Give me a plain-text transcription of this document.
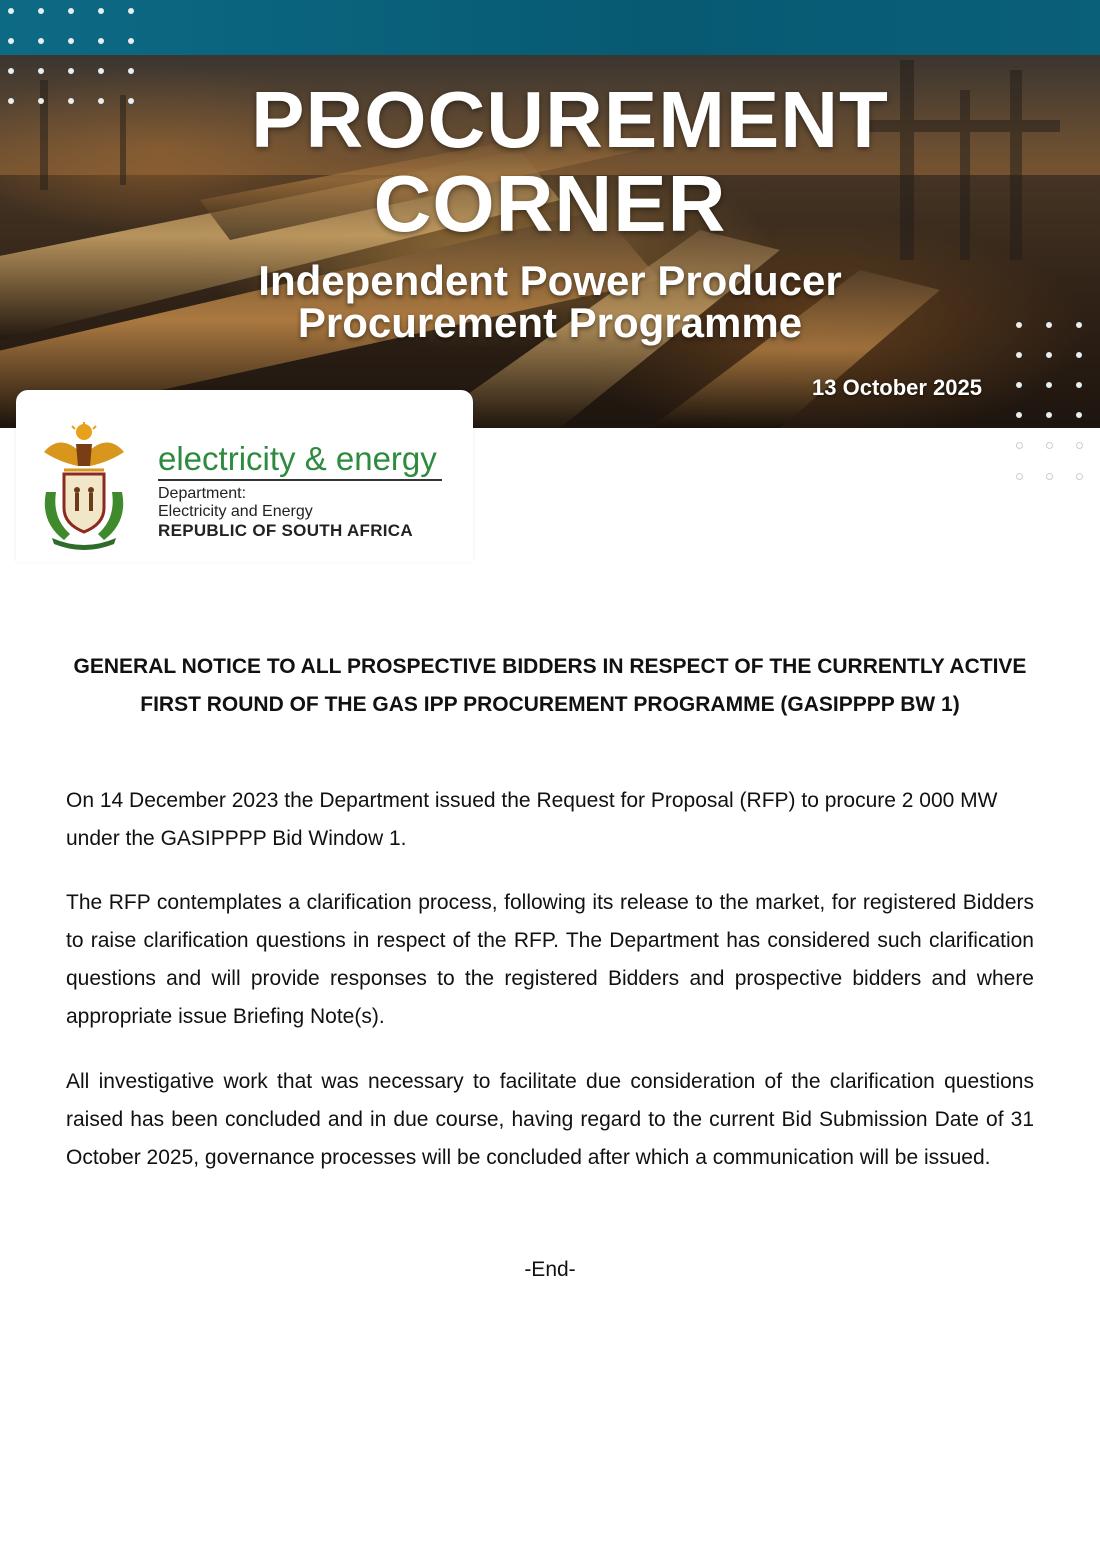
PROCUREMENT
CORNER
Independent Power Producer
Procurement Programme
13 October 2025
electricity & energy
Department:
Electricity and Energy
REPUBLIC OF SOUTH AFRICA
GENERAL NOTICE TO ALL PROSPECTIVE BIDDERS IN RESPECT OF THE CURRENTLY ACTIVE FIRST ROUND OF THE GAS IPP PROCUREMENT PROGRAMME (GASIPPPP BW 1)
On 14 December 2023 the Department issued the Request for Proposal (RFP) to procure 2 000 MW under the GASIPPPP Bid Window 1.
The RFP contemplates a clarification process, following its release to the market, for registered Bidders to raise clarification questions in respect of the RFP. The Department has considered such clarification questions and will provide responses to the registered Bidders and prospective bidders and where appropriate issue Briefing Note(s).
All investigative work that was necessary to facilitate due consideration of the clarification questions raised has been concluded and in due course, having regard to the current Bid Submission Date of 31 October 2025, governance processes will be concluded after which a communication will be issued.
-End-
